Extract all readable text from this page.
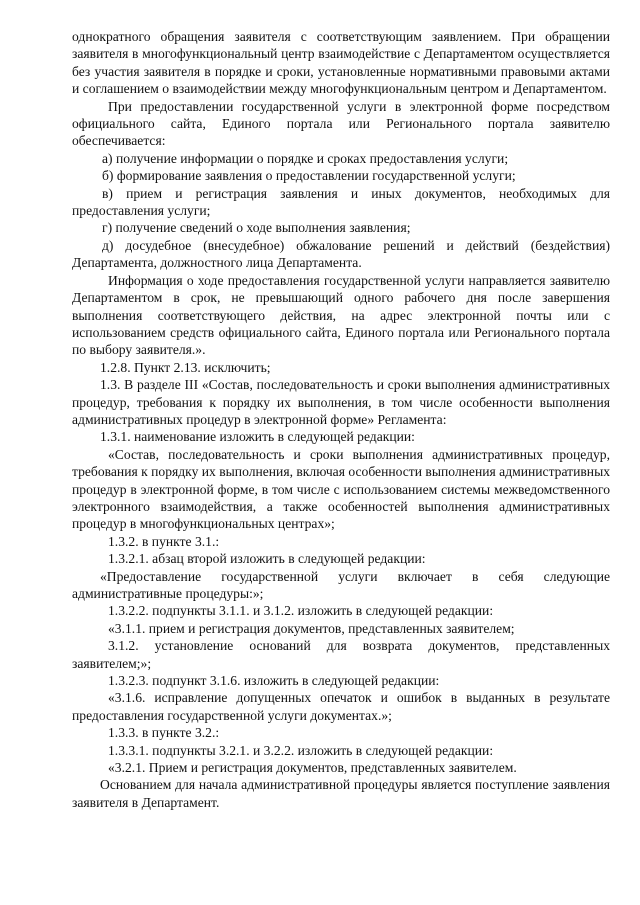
однократного обращения заявителя с соответствующим заявлением. При обращении заявителя в многофункциональный центр взаимодействие с Департаментом осуществляется без участия заявителя в порядке и сроки, установленные нормативными правовыми актами и соглашением о взаимодействии между многофункциональным центром и Департаментом.

При предоставлении государственной услуги в электронной форме посредством официального сайта, Единого портала или Регионального портала заявителю обеспечивается:

а) получение информации о порядке и сроках предоставления услуги;

б) формирование заявления о предоставлении государственной услуги;

в) прием и регистрация заявления и иных документов, необходимых для предоставления услуги;

г) получение сведений о ходе выполнения заявления;

д) досудебное (внесудебное) обжалование решений и действий (бездействия) Департамента, должностного лица Департамента.

Информация о ходе предоставления государственной услуги направляется заявителю Департаментом в срок, не превышающий одного рабочего дня после завершения выполнения соответствующего действия, на адрес электронной почты или с использованием средств официального сайта, Единого портала или Регионального портала по выбору заявителя.».

1.2.8. Пункт 2.13. исключить;

1.3. В разделе III «Состав, последовательность и сроки выполнения административных процедур, требования к порядку их выполнения, в том числе особенности выполнения административных процедур в электронной форме» Регламента:

1.3.1. наименование изложить в следующей редакции:

«Состав, последовательность и сроки выполнения административных процедур, требования к порядку их выполнения, включая особенности выполнения административных процедур в электронной форме, в том числе с использованием системы межведомственного электронного взаимодействия, а также особенностей выполнения административных процедур в многофункциональных центрах»;

1.3.2. в пункте 3.1.:

1.3.2.1. абзац второй изложить в следующей редакции:

«Предоставление государственной услуги включает в себя следующие административные процедуры:»;

1.3.2.2. подпункты 3.1.1. и 3.1.2. изложить в следующей редакции:

«3.1.1. прием и регистрация документов, представленных заявителем;

3.1.2. установление оснований для возврата документов, представленных заявителем;»;

1.3.2.3. подпункт 3.1.6. изложить в следующей редакции:

«3.1.6. исправление допущенных опечаток и ошибок в выданных в результате предоставления государственной услуги документах.»;

1.3.3. в пункте 3.2.:

1.3.3.1. подпункты 3.2.1. и 3.2.2. изложить в следующей редакции:

«3.2.1. Прием и регистрация документов, представленных заявителем.

Основанием для начала административной процедуры является поступление заявления заявителя в Департамент.
